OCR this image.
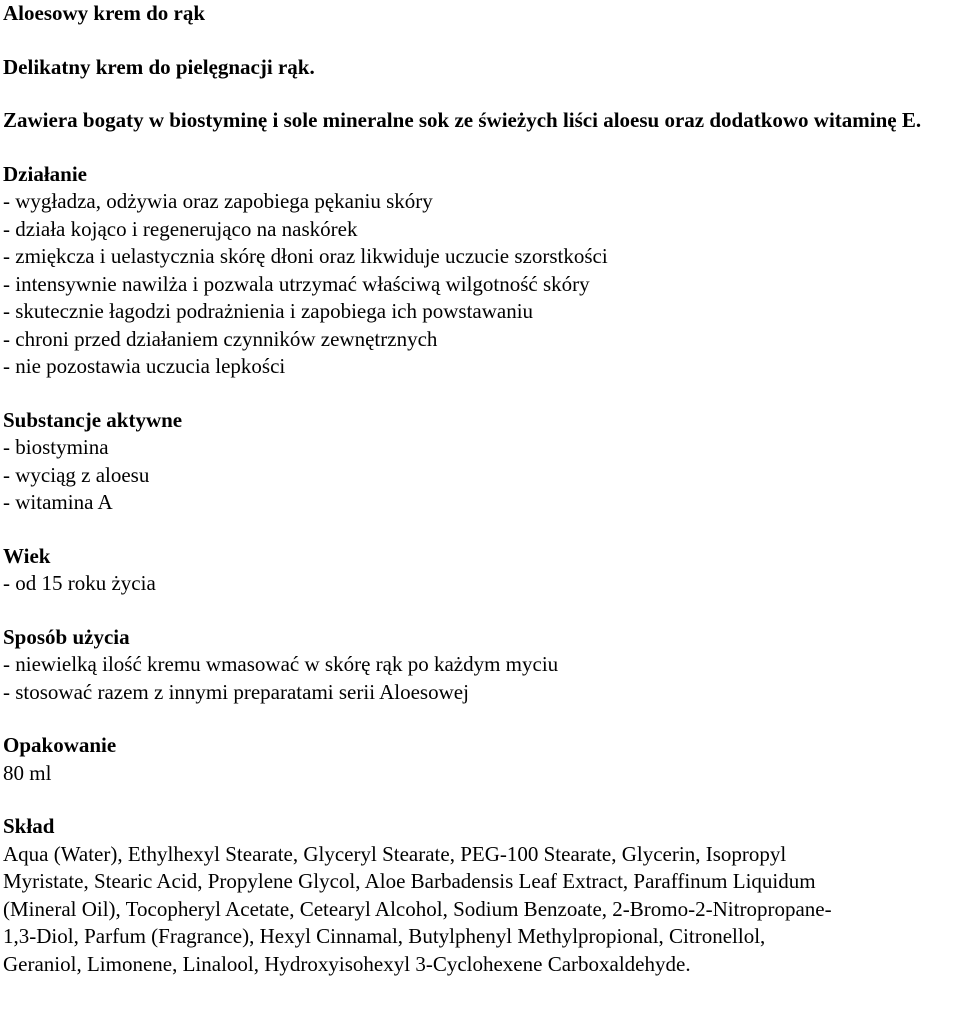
Aloesowy krem do rąk
Delikatny krem do pielęgnacji rąk.
Zawiera bogaty w biostyminę i sole mineralne sok ze świeżych liści aloesu oraz dodatkowo witaminę E.
Działanie
- wygładza, odżywia oraz zapobiega pękaniu skóry
- działa kojąco i regenerująco na naskórek
- zmiękcza i uelastycznia skórę dłoni oraz likwiduje uczucie szorstkości
- intensywnie nawilża i pozwala utrzymać właściwą wilgotność skóry
- skutecznie łagodzi podrażnienia i zapobiega ich powstawaniu
- chroni przed działaniem czynników zewnętrznych
- nie pozostawia uczucia lepkości
Substancje aktywne
- biostymina
- wyciąg z aloesu
- witamina A
Wiek
- od 15 roku życia
Sposób użycia
- niewielką ilość kremu wmasować w skórę rąk po każdym myciu
- stosować razem z innymi preparatami serii Aloesowej
Opakowanie
80 ml
Skład
Aqua (Water), Ethylhexyl Stearate, Glyceryl Stearate, PEG-100 Stearate, Glycerin, Isopropyl
Myristate, Stearic Acid, Propylene Glycol, Aloe Barbadensis Leaf Extract, Paraffinum Liquidum
(Mineral Oil), Tocopheryl Acetate, Cetearyl Alcohol, Sodium Benzoate, 2-Bromo-2-Nitropropane-
1,3-Diol, Parfum (Fragrance), Hexyl Cinnamal, Butylphenyl Methylpropional, Citronellol,
Geraniol, Limonene, Linalool, Hydroxyisohexyl 3-Cyclohexene Carboxaldehyde.
